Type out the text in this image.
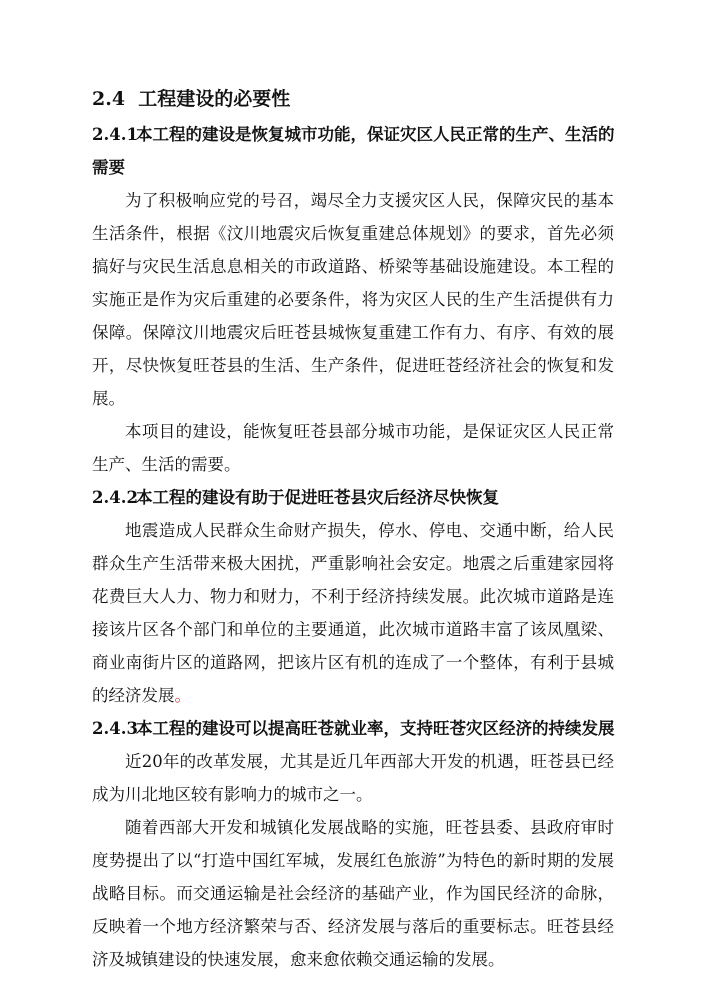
2.4 工程建设的必要性
2.4.1本工程的建设是恢复城市功能，保证灾区人民正常的生产、生活的
需要

为了积极响应党的号召，竭尽全力支援灾区人民，保障灾民的基本生活条件，根据《汶川地震灾后恢复重建总体规划》的要求，首先必须搞好与灾民生活息息相关的市政道路、桥梁等基础设施建设。本工程的实施正是作为灾后重建的必要条件，将为灾区人民的生产生活提供有力保障。保障汶川地震灾后旺苍县城恢复重建工作有力、有序、有效的展开，尽快恢复旺苍县的生活、生产条件，促进旺苍经济社会的恢复和发展。

本项目的建设，能恢复旺苍县部分城市功能，是保证灾区人民正常生产、生活的需要。

2.4.2本工程的建设有助于促进旺苍县灾后经济尽快恢复

地震造成人民群众生命财产损失，停水、停电、交通中断，给人民群众生产生活带来极大困扰，严重影响社会安定。地震之后重建家园将花费巨大人力、物力和财力，不利于经济持续发展。此次城市道路是连接该片区各个部门和单位的主要通道，此次城市道路丰富了该凤凰梁、商业南街片区的道路网，把该片区有机的连成了一个整体，有利于县城的经济发展。

2.4.3本工程的建设可以提高旺苍就业率，支持旺苍灾区经济的持续发展

近20年的改革发展，尤其是近几年西部大开发的机遇，旺苍县已经成为川北地区较有影响力的城市之一。

随着西部大开发和城镇化发展战略的实施，旺苍县委、县政府审时度势提出了以“打造中国红军城，发展红色旅游”为特色的新时期的发展战略目标。而交通运输是社会经济的基础产业，作为国民经济的命脉，反映着一个地方经济繁荣与否、经济发展与落后的重要标志。旺苍县经济及城镇建设的快速发展，愈来愈依赖交通运输的发展。
